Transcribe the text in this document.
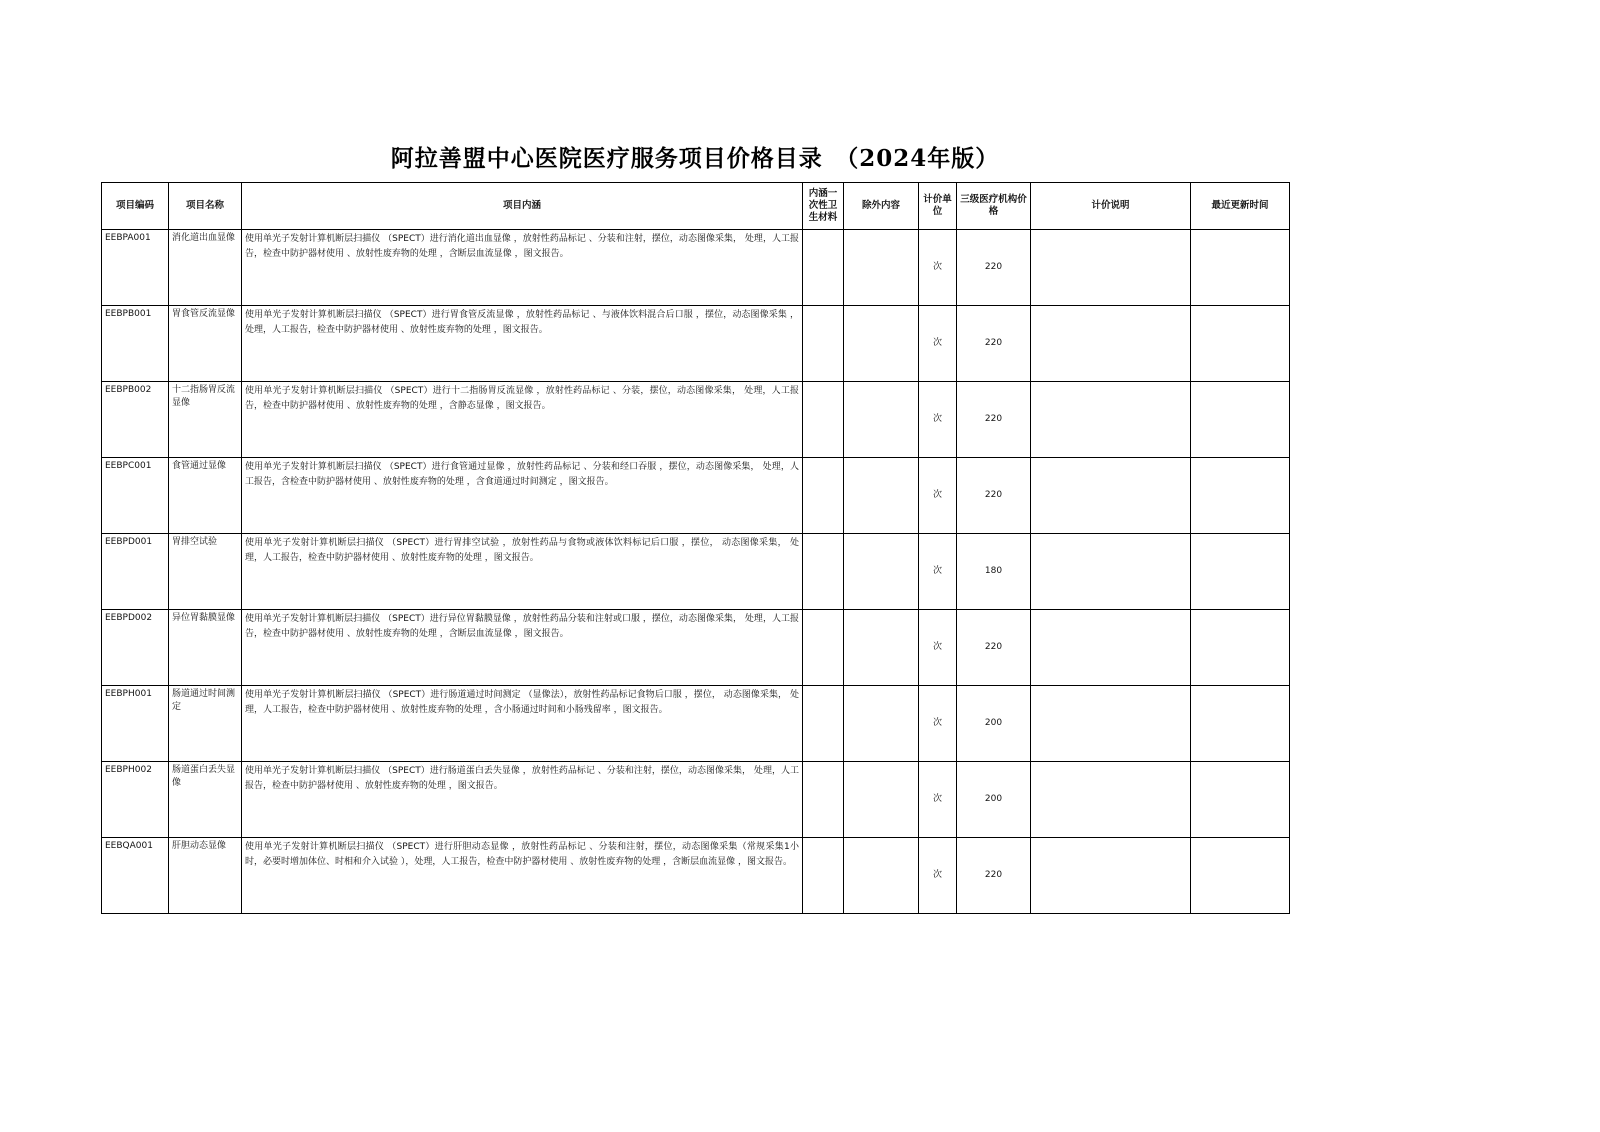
阿拉善盟中心医院医疗服务项目价格目录　（2024年版）
项目编码	项目名称	项目内涵	内涵一次性卫生材料	除外内容	计价单位	三级医疗机构价格	计价说明	最近更新时间
EEBPA001	消化道出血显像	使用单光子发射计算机断层扫描仪 （SPECT）进行消化道出血显像 ，放射性药品标记 、分装和注射，摆位，动态图像采集， 处理，人工报告，检查中防护器材使用 、放射性废弃物的处理 ，含断层血流显像 ，图文报告。			次	220		
EEBPB001	胃食管反流显像	使用单光子发射计算机断层扫描仪 （SPECT）进行胃食管反流显像 ，放射性药品标记 、与液体饮料混合后口服 ，摆位，动态图像采集 ，处理，人工报告，检查中防护器材使用 、放射性废弃物的处理 ，图文报告。			次	220		
EEBPB002	十二指肠胃反流显像	使用单光子发射计算机断层扫描仪 （SPECT）进行十二指肠胃反流显像 ，放射性药品标记 、分装，摆位，动态图像采集， 处理，人工报告，检查中防护器材使用 、放射性废弃物的处理 ，含静态显像 ，图文报告。			次	220		
EEBPC001	食管通过显像	使用单光子发射计算机断层扫描仪 （SPECT）进行食管通过显像 ，放射性药品标记 、分装和经口吞服 ，摆位，动态图像采集， 处理，人工报告，含检查中防护器材使用 、放射性废弃物的处理 ，含食道通过时间测定 ，图文报告。			次	220		
EEBPD001	胃排空试验	使用单光子发射计算机断层扫描仪 （SPECT）进行胃排空试验 ，放射性药品与食物或液体饮料标记后口服 ，摆位， 动态图像采集， 处理，人工报告，检查中防护器材使用 、放射性废弃物的处理 ，图文报告。			次	180		
EEBPD002	异位胃黏膜显像	使用单光子发射计算机断层扫描仪 （SPECT）进行异位胃黏膜显像 ，放射性药品分装和注射或口服 ，摆位，动态图像采集， 处理，人工报告，检查中防护器材使用 、放射性废弃物的处理 ，含断层血流显像 ，图文报告。			次	220		
EEBPH001	肠道通过时间测定	使用单光子发射计算机断层扫描仪 （SPECT）进行肠道通过时间测定 （显像法），放射性药品标记食物后口服 ，摆位， 动态图像采集， 处理，人工报告，检查中防护器材使用 、放射性废弃物的处理 ，含小肠通过时间和小肠残留率 ，图文报告。			次	200		
EEBPH002	肠道蛋白丢失显像	使用单光子发射计算机断层扫描仪 （SPECT）进行肠道蛋白丢失显像 ，放射性药品标记 、分装和注射，摆位，动态图像采集， 处理，人工报告，检查中防护器材使用 、放射性废弃物的处理 ，图文报告。			次	200		
EEBQA001	肝胆动态显像	使用单光子发射计算机断层扫描仪 （SPECT）进行肝胆动态显像 ，放射性药品标记 、分装和注射，摆位，动态图像采集（常规采集1小时，必要时增加体位、时相和介入试验 ），处理，人工报告，检查中防护器材使用 、放射性废弃物的处理 ，含断层血流显像 ，图文报告。			次	220		
